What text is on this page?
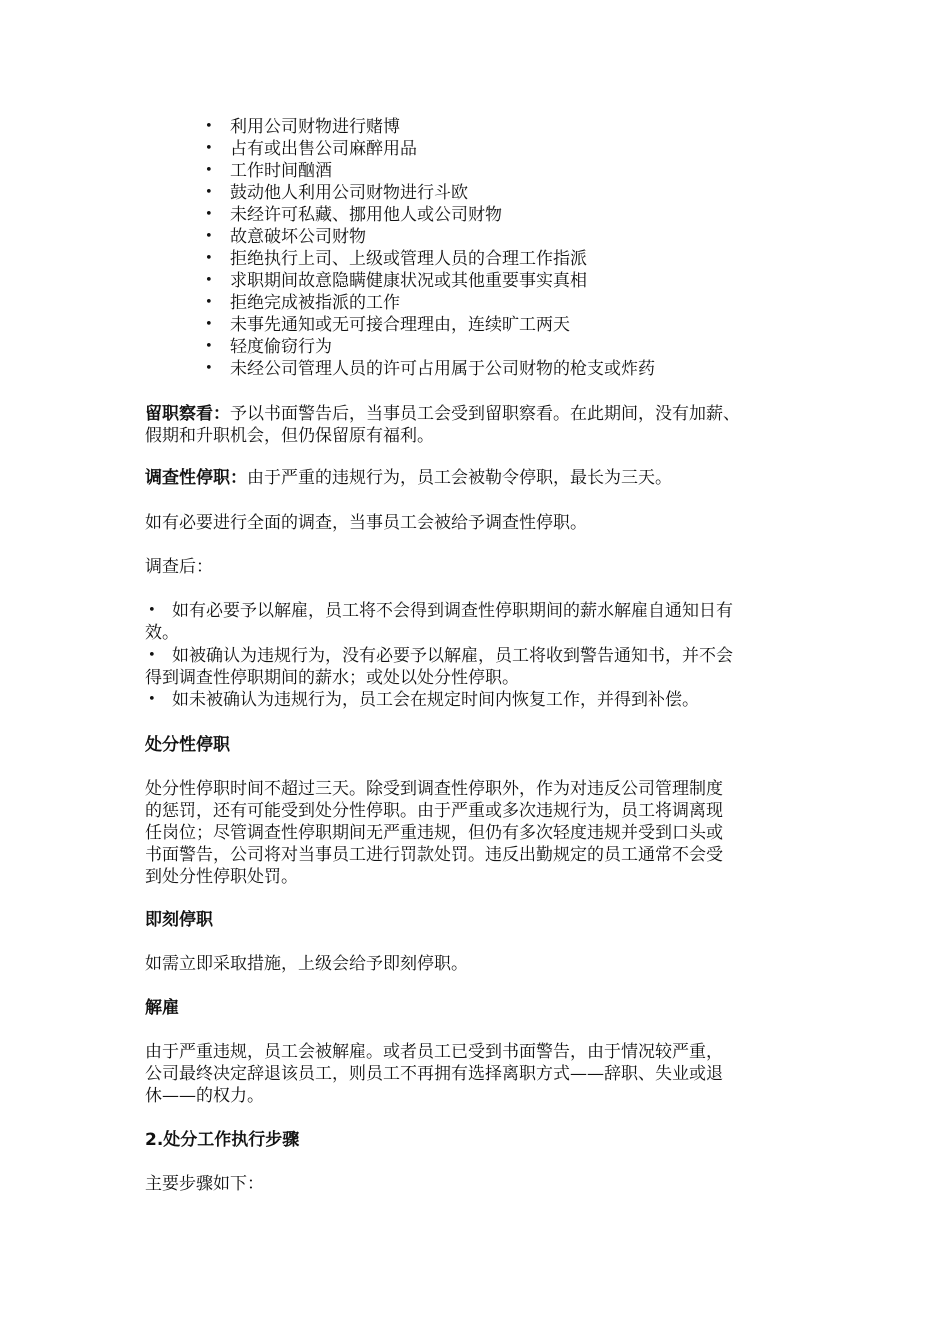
• 利用公司财物进行赌博
• 占有或出售公司麻醉用品
• 工作时间酗酒
• 鼓动他人利用公司财物进行斗欧
• 未经许可私藏、挪用他人或公司财物
• 故意破坏公司财物
• 拒绝执行上司、上级或管理人员的合理工作指派
• 求职期间故意隐瞒健康状况或其他重要事实真相
• 拒绝完成被指派的工作
• 未事先通知或无可接合理理由，连续旷工两天
• 轻度偷窃行为
• 未经公司管理人员的许可占用属于公司财物的枪支或炸药
留职察看：予以书面警告后，当事员工会受到留职察看。在此期间，没有加薪、
假期和升职机会，但仍保留原有福利。
调查性停职：由于严重的违规行为，员工会被勒令停职，最长为三天。
如有必要进行全面的调查，当事员工会被给予调查性停职。
调查后：
• 如有必要予以解雇，员工将不会得到调查性停职期间的薪水解雇自通知日有
效。
• 如被确认为违规行为，没有必要予以解雇，员工将收到警告通知书，并不会
得到调查性停职期间的薪水；或处以处分性停职。
• 如未被确认为违规行为，员工会在规定时间内恢复工作，并得到补偿。
处分性停职
处分性停职时间不超过三天。除受到调查性停职外，作为对违反公司管理制度
的惩罚，还有可能受到处分性停职。由于严重或多次违规行为，员工将调离现
任岗位；尽管调查性停职期间无严重违规，但仍有多次轻度违规并受到口头或
书面警告，公司将对当事员工进行罚款处罚。违反出勤规定的员工通常不会受
到处分性停职处罚。
即刻停职
如需立即采取措施，上级会给予即刻停职。
解雇
由于严重违规，员工会被解雇。或者员工已受到书面警告，由于情况较严重，
公司最终决定辞退该员工，则员工不再拥有选择离职方式——辞职、失业或退
休——的权力。
2.处分工作执行步骤
主要步骤如下：
